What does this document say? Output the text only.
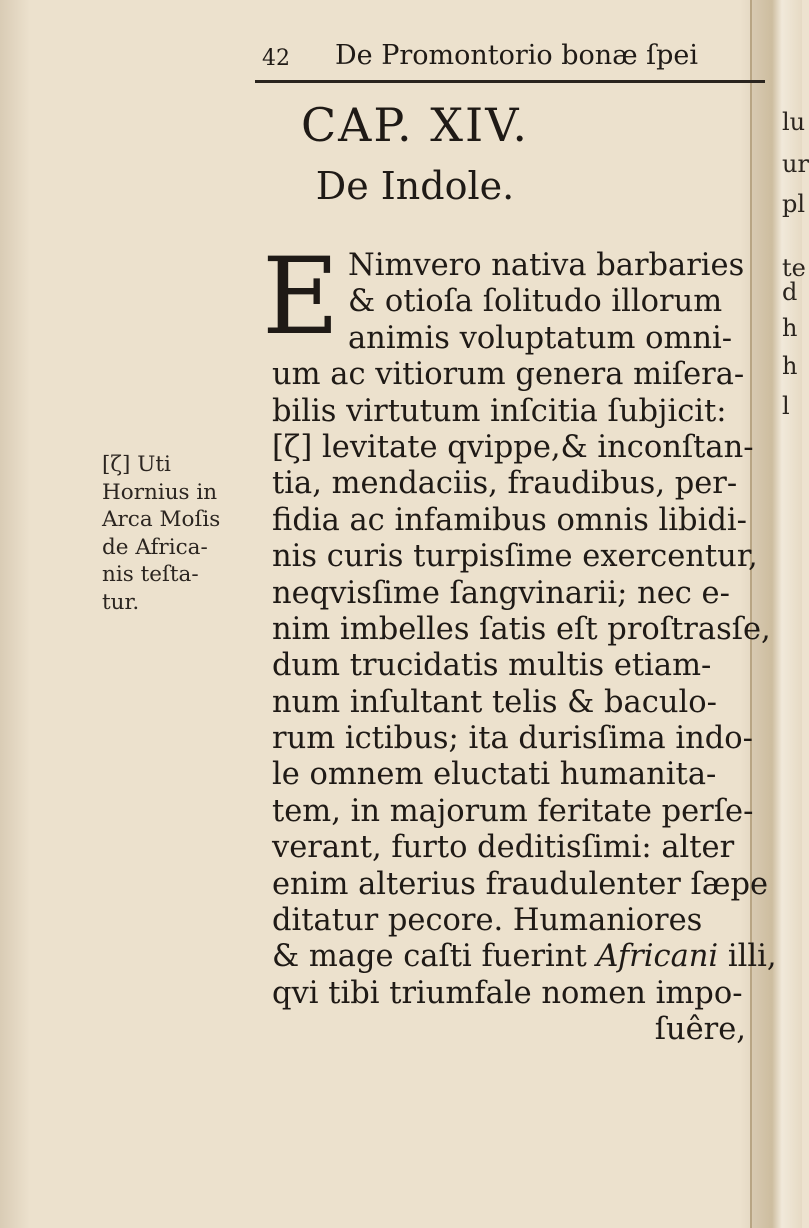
lu
ur
pl
te
d
h
h
l
42 De Promontorio bonæ ſpei
CAP. XIV.
De Indole.
E Nimvero nativa barbaries
& otioſa ſolitudo illorum
animis voluptatum omni-
um ac vitiorum genera miſera-
bilis virtutum inſcitia ſubjicit:
[ζ] levitate qvippe,& inconſtan-
tia, mendaciis, fraudibus, per-
fidia ac infamibus omnis libidi-
nis curis turpisſime exercentur,
neqvisſime ſangvinarii; nec e-
nim imbelles ſatis eſt proſtrasſe,
dum trucidatis multis etiam-
num inſultant telis & baculo-
rum ictibus; ita durisſima indo-
le omnem eluctati humanita-
tem, in majorum feritate perſe-
verant, furto deditisſimi: alter
enim alterius fraudulenter ſæpe
ditatur pecore. Humaniores
& mage caſti fuerint Africani illi,
qvi tibi triumfale nomen impo-
ſuêre,
[ζ] Uti
Hornius in
Arca Moſis
de Africa-
nis teſta-
tur.
